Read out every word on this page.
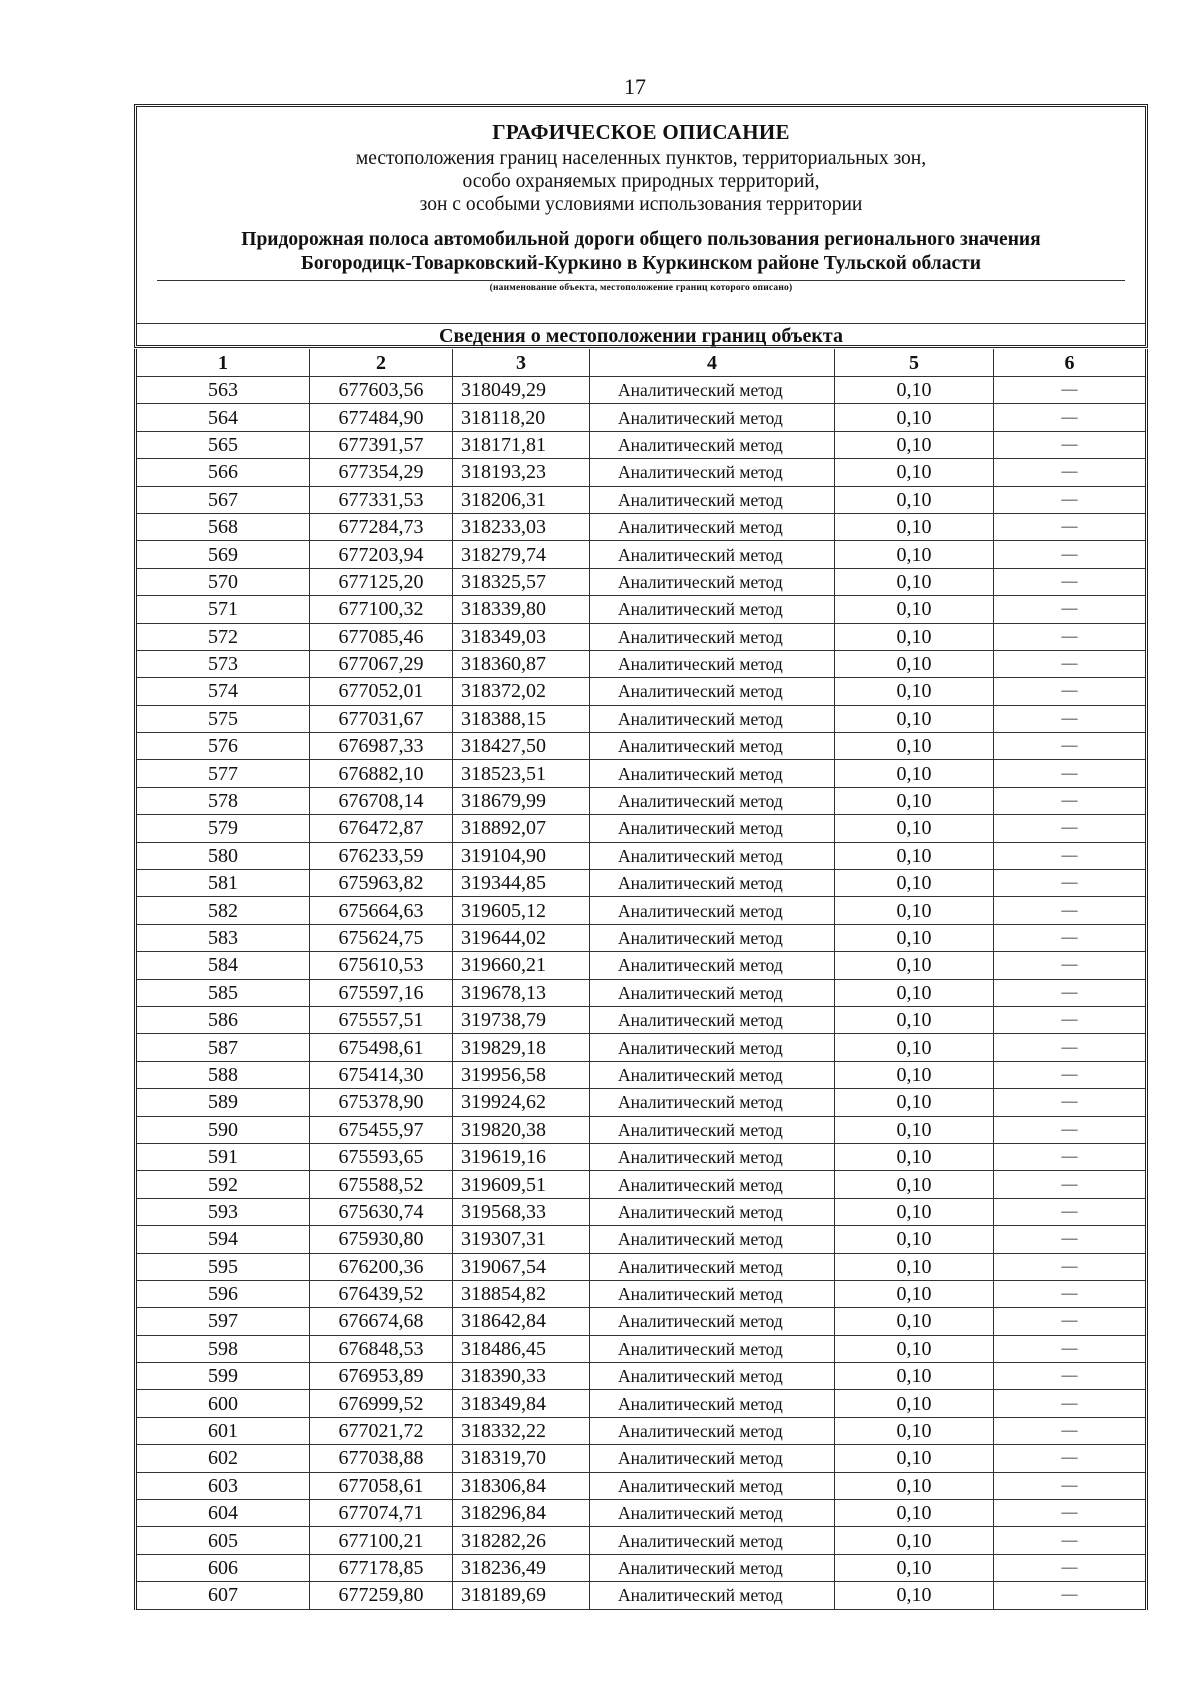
17
ГРАФИЧЕСКОЕ ОПИСАНИЕ
местоположения границ населенных пунктов, территориальных зон,
особо охраняемых природных территорий,
зон с особыми условиями использования территории
Придорожная полоса автомобильной дороги общего пользования регионального значения
Богородицк-Товарковский-Куркино в Куркинском районе Тульской области
(наименование объекта, местоположение границ которого описано)
Сведения о местоположении границ объекта
1	2	3	4	5	6
563	677603,56	318049,29	Аналитический метод	0,10	—
564	677484,90	318118,20	Аналитический метод	0,10	—
565	677391,57	318171,81	Аналитический метод	0,10	—
566	677354,29	318193,23	Аналитический метод	0,10	—
567	677331,53	318206,31	Аналитический метод	0,10	—
568	677284,73	318233,03	Аналитический метод	0,10	—
569	677203,94	318279,74	Аналитический метод	0,10	—
570	677125,20	318325,57	Аналитический метод	0,10	—
571	677100,32	318339,80	Аналитический метод	0,10	—
572	677085,46	318349,03	Аналитический метод	0,10	—
573	677067,29	318360,87	Аналитический метод	0,10	—
574	677052,01	318372,02	Аналитический метод	0,10	—
575	677031,67	318388,15	Аналитический метод	0,10	—
576	676987,33	318427,50	Аналитический метод	0,10	—
577	676882,10	318523,51	Аналитический метод	0,10	—
578	676708,14	318679,99	Аналитический метод	0,10	—
579	676472,87	318892,07	Аналитический метод	0,10	—
580	676233,59	319104,90	Аналитический метод	0,10	—
581	675963,82	319344,85	Аналитический метод	0,10	—
582	675664,63	319605,12	Аналитический метод	0,10	—
583	675624,75	319644,02	Аналитический метод	0,10	—
584	675610,53	319660,21	Аналитический метод	0,10	—
585	675597,16	319678,13	Аналитический метод	0,10	—
586	675557,51	319738,79	Аналитический метод	0,10	—
587	675498,61	319829,18	Аналитический метод	0,10	—
588	675414,30	319956,58	Аналитический метод	0,10	—
589	675378,90	319924,62	Аналитический метод	0,10	—
590	675455,97	319820,38	Аналитический метод	0,10	—
591	675593,65	319619,16	Аналитический метод	0,10	—
592	675588,52	319609,51	Аналитический метод	0,10	—
593	675630,74	319568,33	Аналитический метод	0,10	—
594	675930,80	319307,31	Аналитический метод	0,10	—
595	676200,36	319067,54	Аналитический метод	0,10	—
596	676439,52	318854,82	Аналитический метод	0,10	—
597	676674,68	318642,84	Аналитический метод	0,10	—
598	676848,53	318486,45	Аналитический метод	0,10	—
599	676953,89	318390,33	Аналитический метод	0,10	—
600	676999,52	318349,84	Аналитический метод	0,10	—
601	677021,72	318332,22	Аналитический метод	0,10	—
602	677038,88	318319,70	Аналитический метод	0,10	—
603	677058,61	318306,84	Аналитический метод	0,10	—
604	677074,71	318296,84	Аналитический метод	0,10	—
605	677100,21	318282,26	Аналитический метод	0,10	—
606	677178,85	318236,49	Аналитический метод	0,10	—
607	677259,80	318189,69	Аналитический метод	0,10	—
